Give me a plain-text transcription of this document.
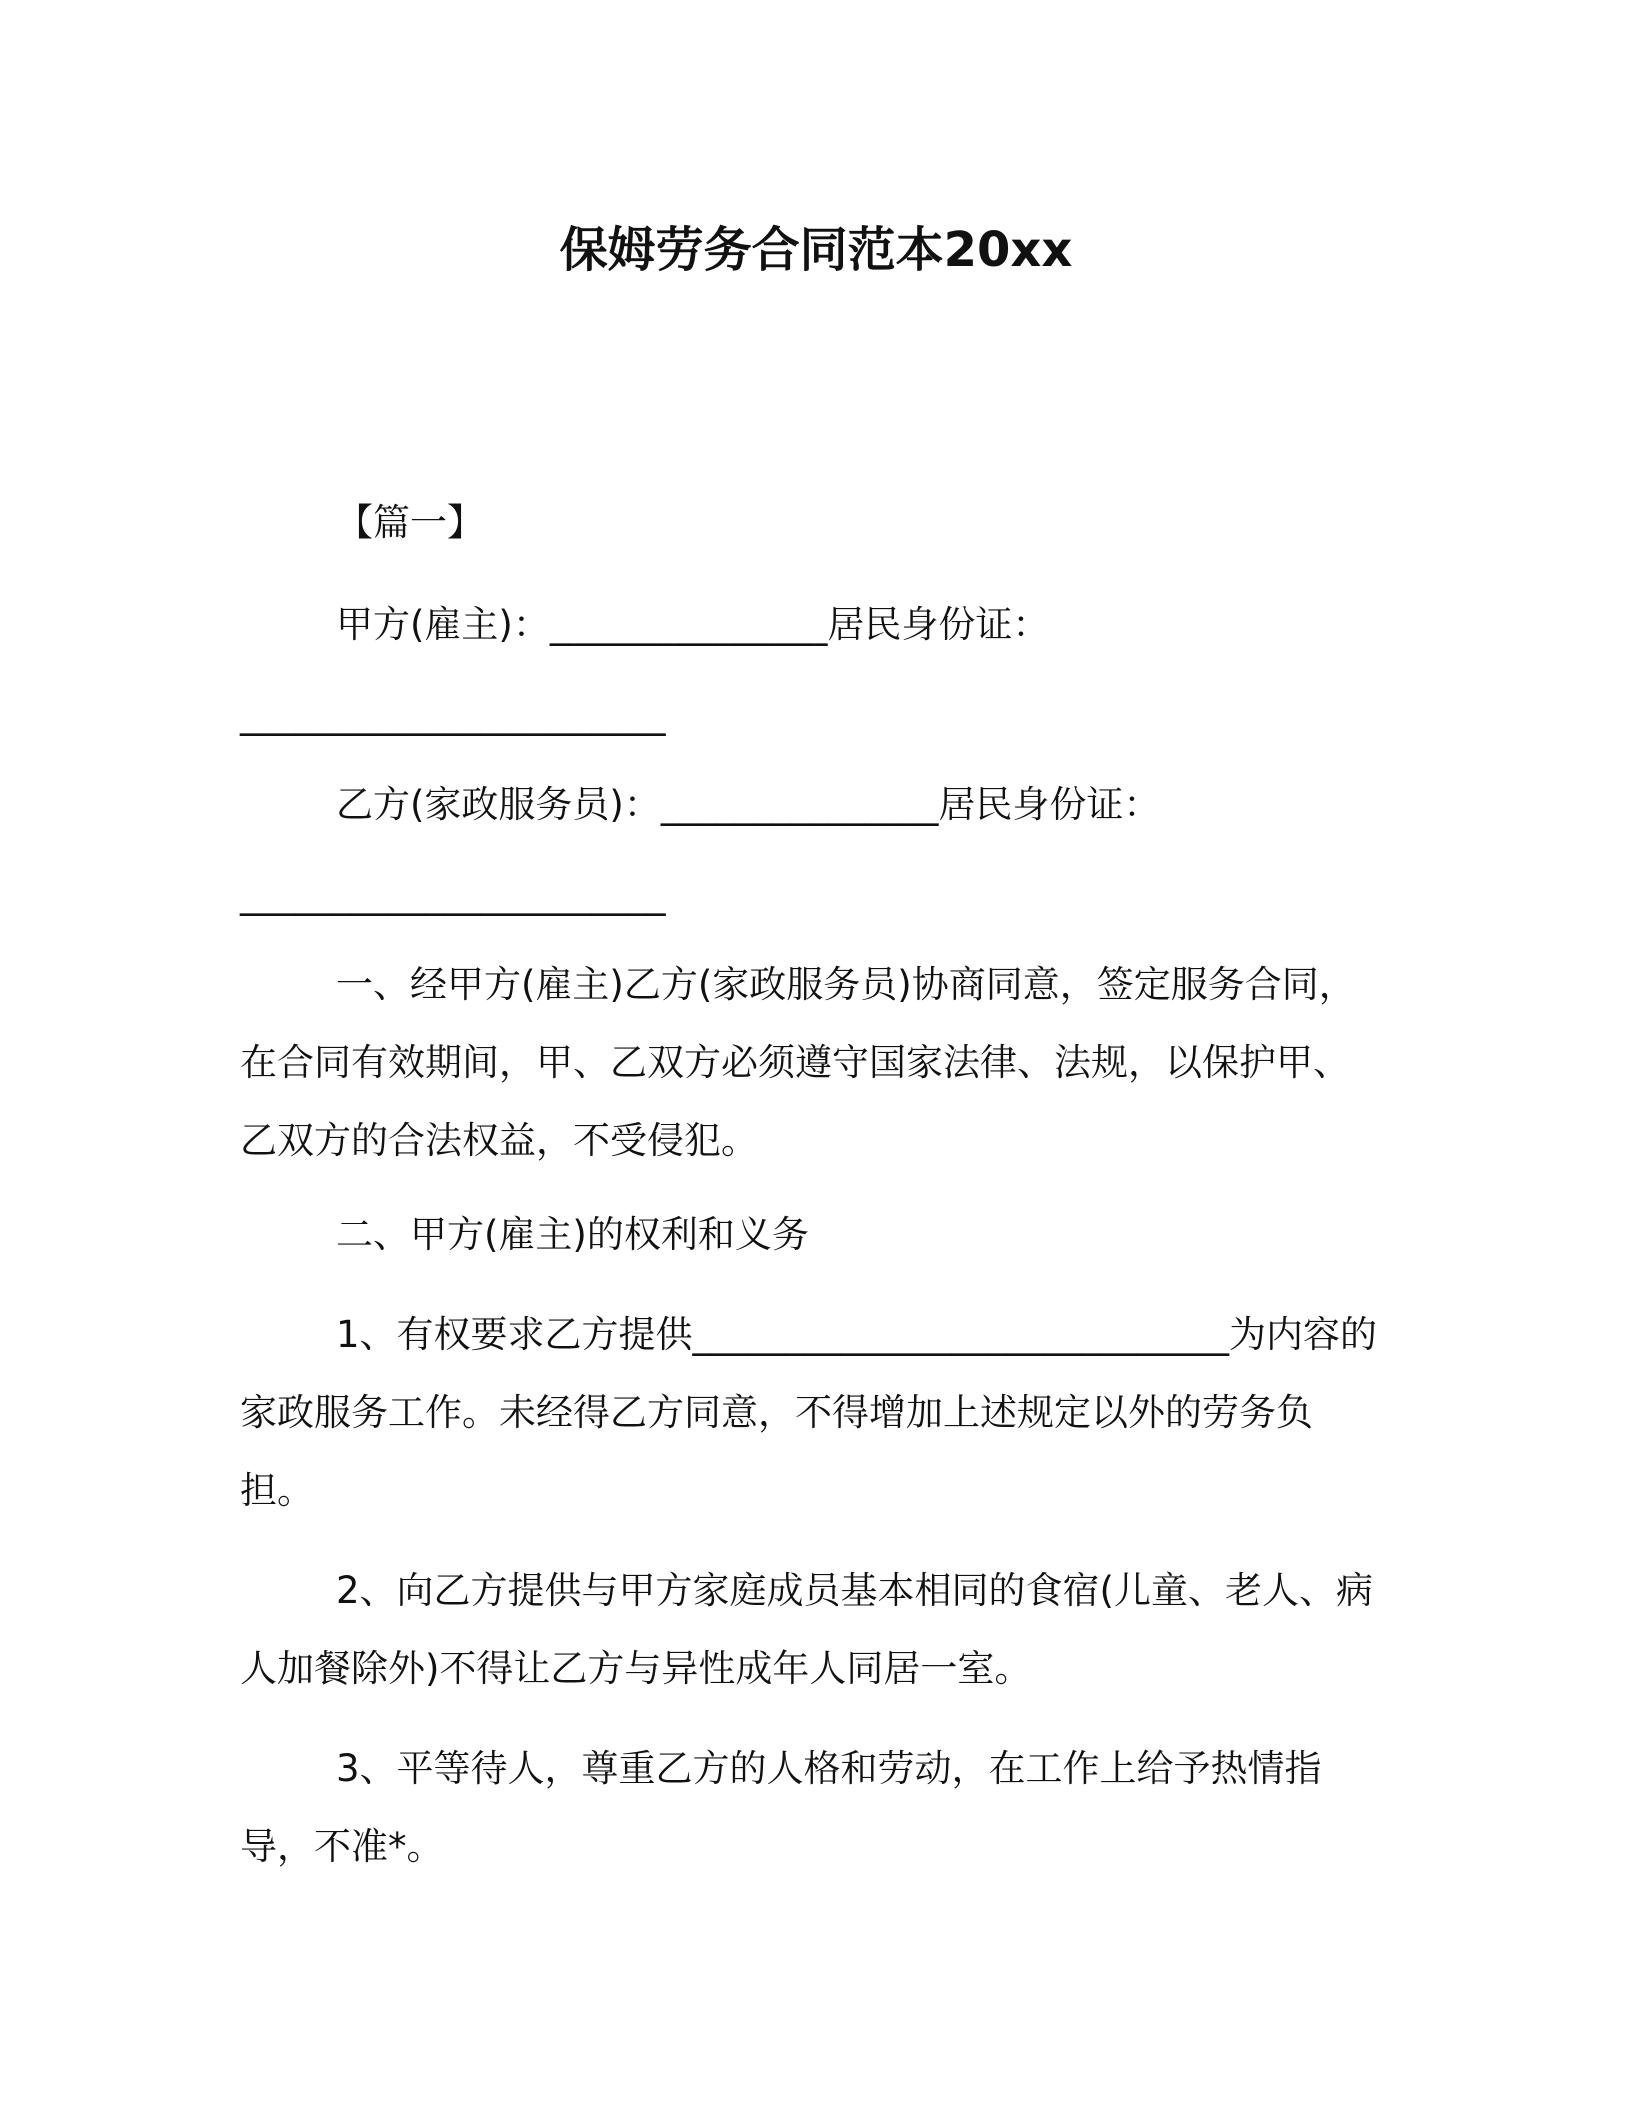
保姆劳务合同范本20xx
【篇一】
甲方(雇主)：_______________居民身份证：
_______________________
乙方(家政服务员)：_______________居民身份证：
_______________________
一、经甲方(雇主)乙方(家政服务员)协商同意，签定服务合同，在合同有效期间，甲、乙双方必须遵守国家法律、法规，以保护甲、乙双方的合法权益，不受侵犯。
二、甲方(雇主)的权利和义务
1、有权要求乙方提供_____________________________为内容的家政服务工作。未经得乙方同意，不得增加上述规定以外的劳务负担。
2、向乙方提供与甲方家庭成员基本相同的食宿(儿童、老人、病人加餐除外)不得让乙方与异性成年人同居一室。
3、平等待人，尊重乙方的人格和劳动，在工作上给予热情指导，不准*。
